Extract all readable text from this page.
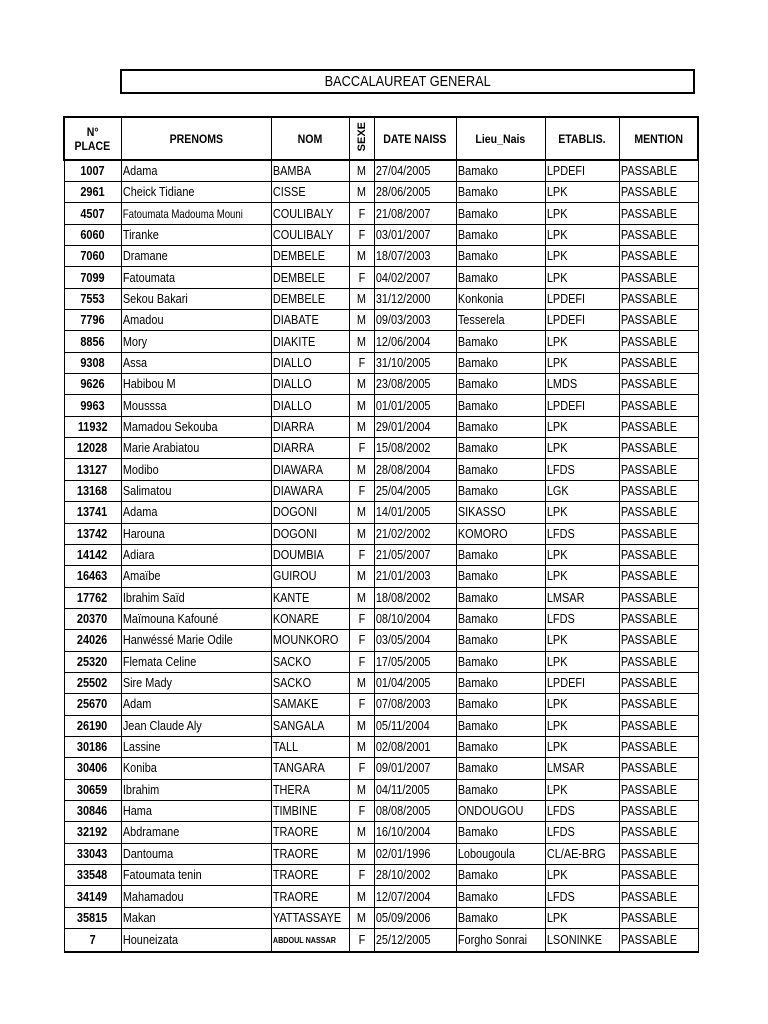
BACCALAUREAT GENERAL
N°
PLACE	PRENOMS	NOM	SEXE	DATE NAISS	Lieu_Nais	ETABLIS.	MENTION
1007	Adama	BAMBA	M	27/04/2005	Bamako	LPDEFI	PASSABLE
2961	Cheick Tidiane	CISSE	M	28/06/2005	Bamako	LPK	PASSABLE
4507	Fatoumata Madouma Mouni	COULIBALY	F	21/08/2007	Bamako	LPK	PASSABLE
6060	Tiranke	COULIBALY	F	03/01/2007	Bamako	LPK	PASSABLE
7060	Dramane	DEMBELE	M	18/07/2003	Bamako	LPK	PASSABLE
7099	Fatoumata	DEMBELE	F	04/02/2007	Bamako	LPK	PASSABLE
7553	Sekou Bakari	DEMBELE	M	31/12/2000	Konkonia	LPDEFI	PASSABLE
7796	Amadou	DIABATE	M	09/03/2003	Tesserela	LPDEFI	PASSABLE
8856	Mory	DIAKITE	M	12/06/2004	Bamako	LPK	PASSABLE
9308	Assa	DIALLO	F	31/10/2005	Bamako	LPK	PASSABLE
9626	Habibou M	DIALLO	M	23/08/2005	Bamako	LMDS	PASSABLE
9963	Mousssa	DIALLO	M	01/01/2005	Bamako	LPDEFI	PASSABLE
11932	Mamadou Sekouba	DIARRA	M	29/01/2004	Bamako	LPK	PASSABLE
12028	Marie Arabiatou	DIARRA	F	15/08/2002	Bamako	LPK	PASSABLE
13127	Modibo	DIAWARA	M	28/08/2004	Bamako	LFDS	PASSABLE
13168	Salimatou	DIAWARA	F	25/04/2005	Bamako	LGK	PASSABLE
13741	Adama	DOGONI	M	14/01/2005	SIKASSO	LPK	PASSABLE
13742	Harouna	DOGONI	M	21/02/2002	KOMORO	LFDS	PASSABLE
14142	Adiara	DOUMBIA	F	21/05/2007	Bamako	LPK	PASSABLE
16463	Amaïbe	GUIROU	M	21/01/2003	Bamako	LPK	PASSABLE
17762	Ibrahim Saïd	KANTE	M	18/08/2002	Bamako	LMSAR	PASSABLE
20370	Maïmouna Kafouné	KONARE	F	08/10/2004	Bamako	LFDS	PASSABLE
24026	Hanwéssé Marie Odile	MOUNKORO	F	03/05/2004	Bamako	LPK	PASSABLE
25320	Flemata Celine	SACKO	F	17/05/2005	Bamako	LPK	PASSABLE
25502	Sire Mady	SACKO	M	01/04/2005	Bamako	LPDEFI	PASSABLE
25670	Adam	SAMAKE	F	07/08/2003	Bamako	LPK	PASSABLE
26190	Jean Claude Aly	SANGALA	M	05/11/2004	Bamako	LPK	PASSABLE
30186	Lassine	TALL	M	02/08/2001	Bamako	LPK	PASSABLE
30406	Koniba	TANGARA	F	09/01/2007	Bamako	LMSAR	PASSABLE
30659	Ibrahim	THERA	M	04/11/2005	Bamako	LPK	PASSABLE
30846	Hama	TIMBINE	F	08/08/2005	ONDOUGOU	LFDS	PASSABLE
32192	Abdramane	TRAORE	M	16/10/2004	Bamako	LFDS	PASSABLE
33043	Dantouma	TRAORE	M	02/01/1996	Lobougoula	CL/AE-BRG	PASSABLE
33548	Fatoumata tenin	TRAORE	F	28/10/2002	Bamako	LPK	PASSABLE
34149	Mahamadou	TRAORE	M	12/07/2004	Bamako	LFDS	PASSABLE
35815	Makan	YATTASSAYE	M	05/09/2006	Bamako	LPK	PASSABLE
7	Houneizata	ABDOUL NASSAR	F	25/12/2005	Forgho Sonrai	LSONINKE	PASSABLE
